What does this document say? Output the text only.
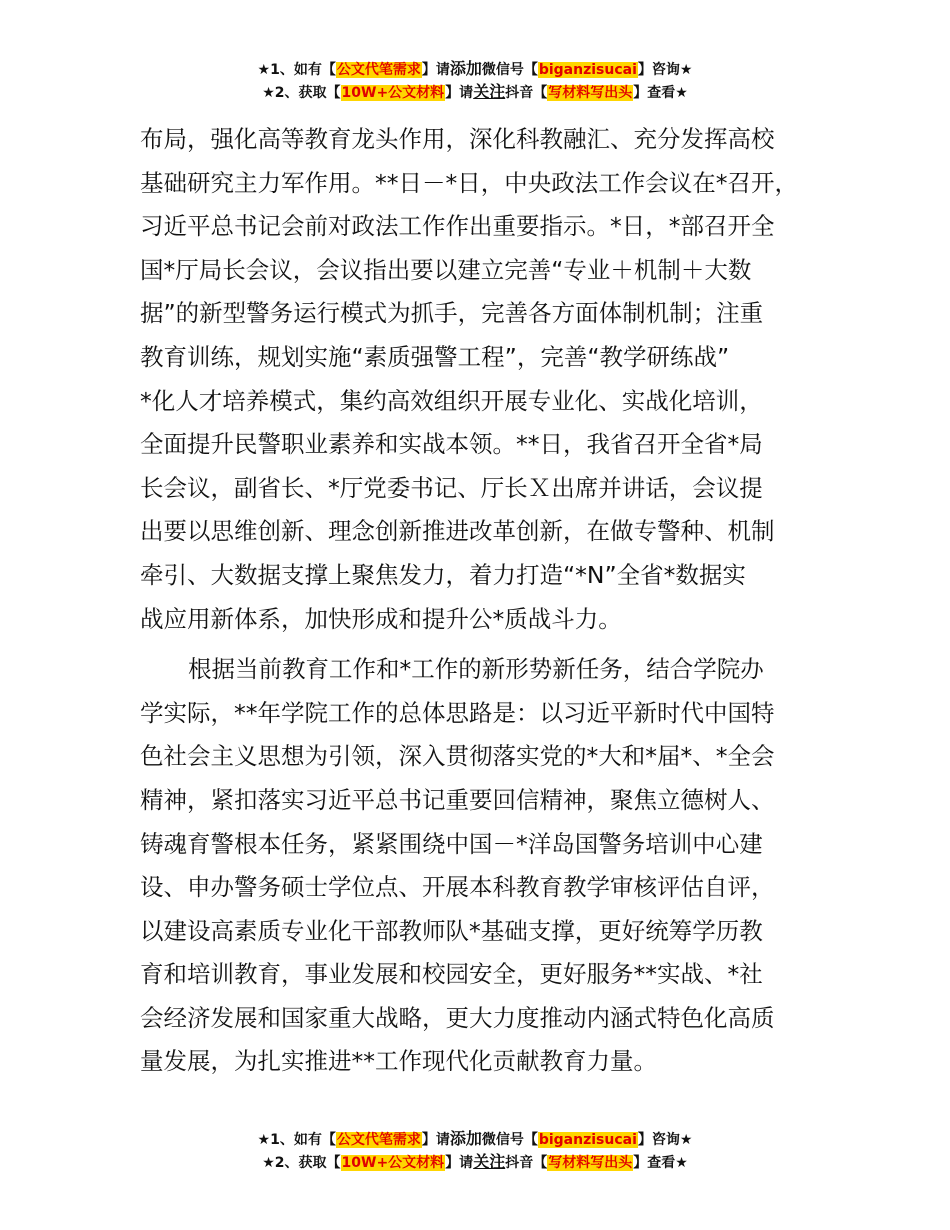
★1、如有【公文代笔需求】请添加微信号【biganzisucai】咨询★
★2、获取【10W+公文材料】请关注抖音【写材料写出头】查看★
布局，强化高等教育龙头作用，深化科教融汇、充分发挥高校
基础研究主力军作用。**日－*日，中央政法工作会议在*召开，
习近平总书记会前对政法工作作出重要指示。*日，*部召开全
国*厅局长会议，会议指出要以建立完善“专业＋机制＋大数
据”的新型警务运行模式为抓手，完善各方面体制机制；注重
教育训练，规划实施“素质强警工程”，完善“教学研练战”
*化人才培养模式，集约高效组织开展专业化、实战化培训，
全面提升民警职业素养和实战本领。**日，我省召开全省*局
长会议，副省长、*厅党委书记、厅长Ｘ出席并讲话，会议提
出要以思维创新、理念创新推进改革创新，在做专警种、机制
牵引、大数据支撑上聚焦发力，着力打造“*N”全省*数据实
战应用新体系，加快形成和提升公*质战斗力。
根据当前教育工作和*工作的新形势新任务，结合学院办
学实际，**年学院工作的总体思路是：以习近平新时代中国特
色社会主义思想为引领，深入贯彻落实党的*大和*届*、*全会
精神，紧扣落实习近平总书记重要回信精神，聚焦立德树人、
铸魂育警根本任务，紧紧围绕中国－*洋岛国警务培训中心建
设、申办警务硕士学位点、开展本科教育教学审核评估自评，
以建设高素质专业化干部教师队*基础支撑，更好统筹学历教
育和培训教育，事业发展和校园安全，更好服务**实战、*社
会经济发展和国家重大战略，更大力度推动内涵式特色化高质
量发展，为扎实推进**工作现代化贡献教育力量。
★1、如有【公文代笔需求】请添加微信号【biganzisucai】咨询★
★2、获取【10W+公文材料】请关注抖音【写材料写出头】查看★
